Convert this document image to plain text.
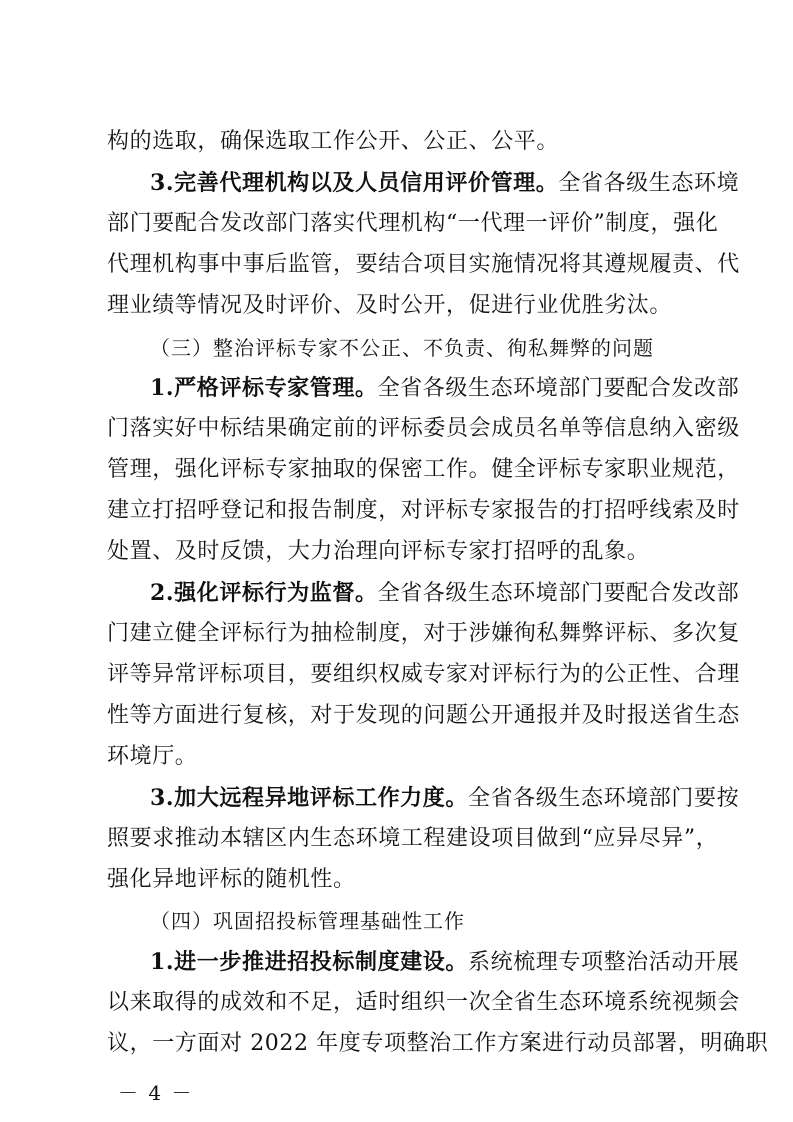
构的选取，确保选取工作公开、公正、公平。
3.完善代理机构以及人员信用评价管理。全省各级生态环境
部门要配合发改部门落实代理机构“一代理一评价”制度，强化
代理机构事中事后监管，要结合项目实施情况将其遵规履责、代
理业绩等情况及时评价、及时公开，促进行业优胜劣汰。
（三）整治评标专家不公正、不负责、徇私舞弊的问题
1.严格评标专家管理。全省各级生态环境部门要配合发改部
门落实好中标结果确定前的评标委员会成员名单等信息纳入密级
管理，强化评标专家抽取的保密工作。健全评标专家职业规范，
建立打招呼登记和报告制度，对评标专家报告的打招呼线索及时
处置、及时反馈，大力治理向评标专家打招呼的乱象。
2.强化评标行为监督。全省各级生态环境部门要配合发改部
门建立健全评标行为抽检制度，对于涉嫌徇私舞弊评标、多次复
评等异常评标项目，要组织权威专家对评标行为的公正性、合理
性等方面进行复核，对于发现的问题公开通报并及时报送省生态
环境厅。
3.加大远程异地评标工作力度。全省各级生态环境部门要按
照要求推动本辖区内生态环境工程建设项目做到“应异尽异”，
强化异地评标的随机性。
（四）巩固招投标管理基础性工作
1.进一步推进招投标制度建设。系统梳理专项整治活动开展
以来取得的成效和不足，适时组织一次全省生态环境系统视频会
议，一方面对 2022 年度专项整治工作方案进行动员部署，明确职
－ 4 －
